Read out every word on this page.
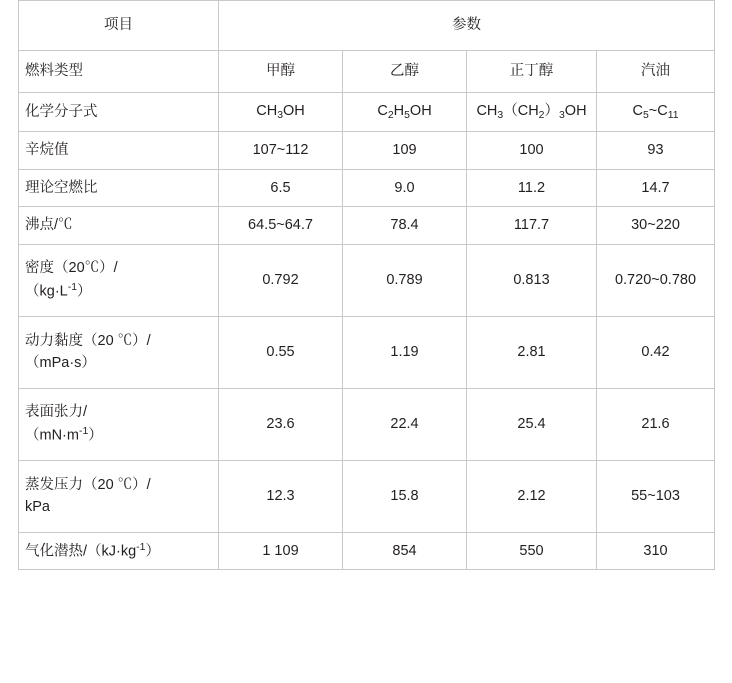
项目	参数			
燃料类型	甲醇	乙醇	正丁醇	汽油
化学分子式	$CH_3OH$	$C_2H_5OH$	$CH_3(CH_2)_3OH$	$C_5\sim C_{11}$
辛烷值	107~112	109	100	93
理论空燃比	6.5	9.0	11.2	14.7
沸点/℃	64.5~64.7	78.4	117.7	30~220
密度（20℃）/
$(kg\cdot L^{-1})$	0.792	0.789	0.813	0.720~0.780
动力黏度（20 ℃）/
（mPa·s）	0.55	1.19	2.81	0.42
表面张力/
$(mN\cdot m^{-1})$	23.6	22.4	25.4	21.6
蒸发压力（20 ℃）/
kPa	12.3	15.8	2.12	55~103
气化潜热$/(kJ\cdot kg^{-1})$	1 109	854	550	310
